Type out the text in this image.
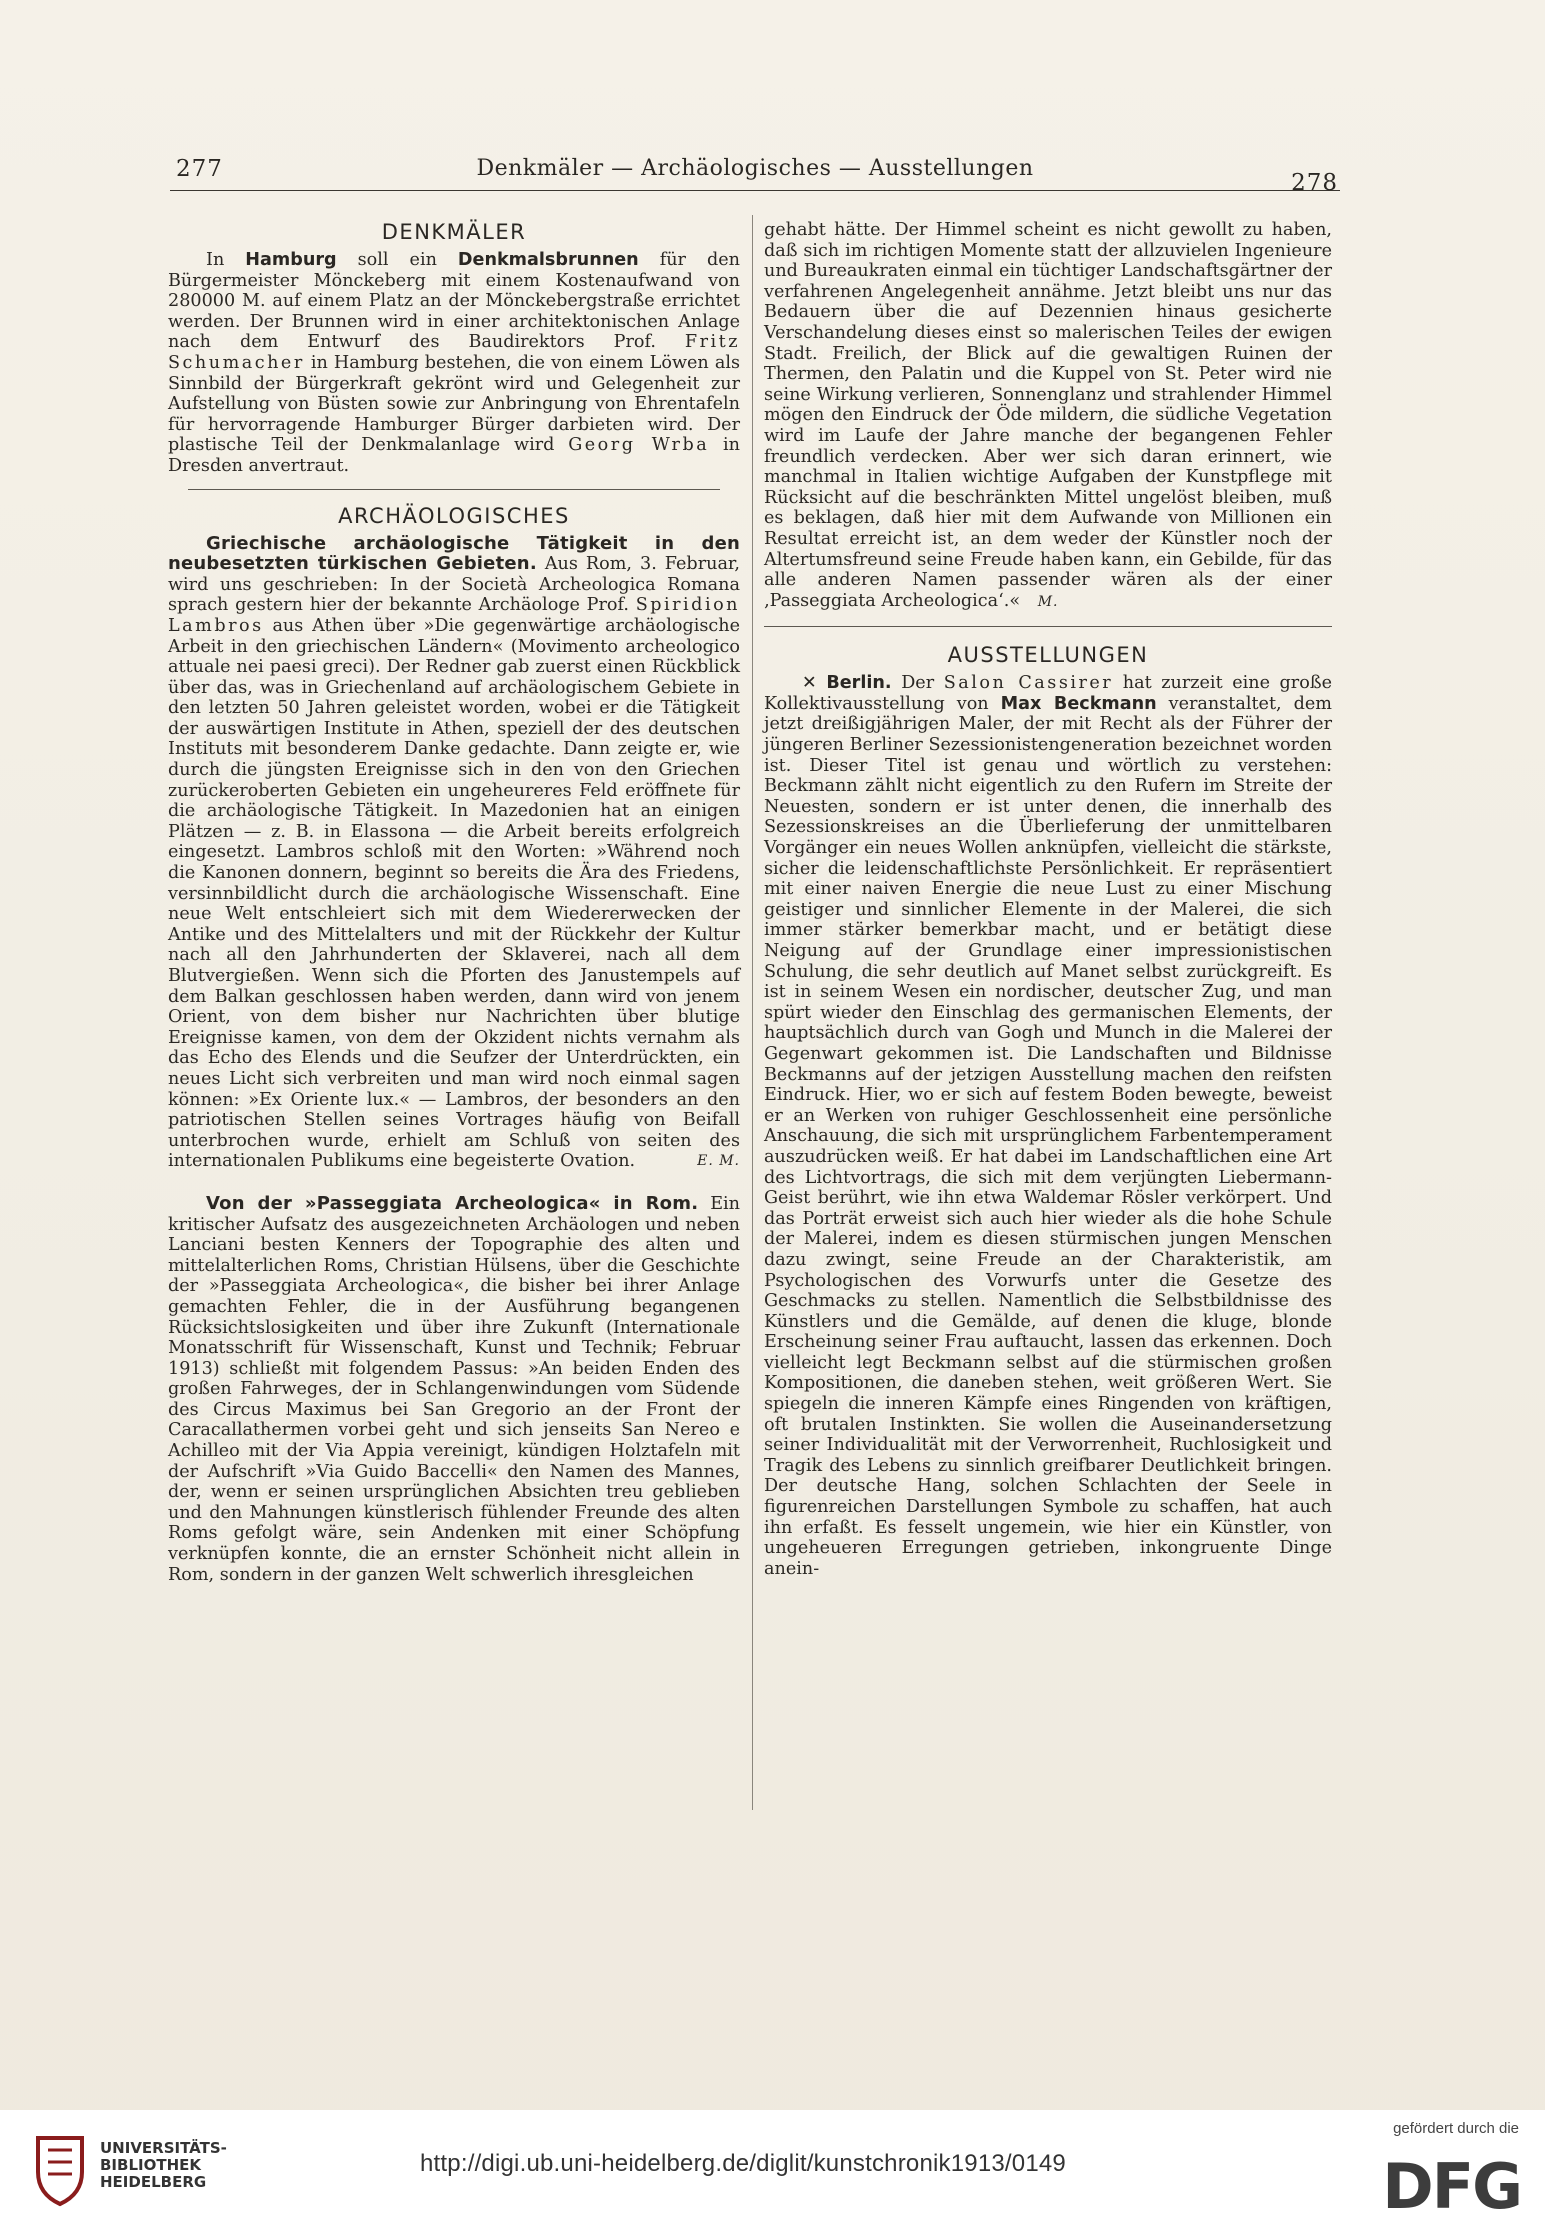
277	Denkmäler — Archäologisches — Ausstellungen
278
DENKMÄLER

In Hamburg soll ein Denkmalsbrunnen für den Bürgermeister Mönckeberg mit einem Kostenaufwand von 280000 M. auf einem Platz an der Mönckebergstraße errichtet werden. Der Brunnen wird in einer architektonischen Anlage nach dem Entwurf des Baudirektors Prof. Fritz Schumacher in Hamburg bestehen, die von einem Löwen als Sinnbild der Bürgerkraft gekrönt wird und Gelegenheit zur Aufstellung von Büsten sowie zur Anbringung von Ehrentafeln für hervorragende Hamburger Bürger darbieten wird. Der plastische Teil der Denkmalanlage wird Georg Wrba in Dresden anvertraut.

ARCHÄOLOGISCHES

Griechische archäologische Tätigkeit in den neubesetzten türkischen Gebieten. Aus Rom, 3. Februar, wird uns geschrieben: In der Società Archeologica Romana sprach gestern hier der bekannte Archäologe Prof. Spiridion Lambros aus Athen über »Die gegenwärtige archäologische Arbeit in den griechischen Ländern« (Movimento archeologico attuale nei paesi greci). Der Redner gab zuerst einen Rückblick über das, was in Griechenland auf archäologischem Gebiete in den letzten 50 Jahren geleistet worden, wobei er die Tätigkeit der auswärtigen Institute in Athen, speziell der des deutschen Instituts mit besonderem Danke gedachte. Dann zeigte er, wie durch die jüngsten Ereignisse sich in den von den Griechen zurückeroberten Gebieten ein ungeheureres Feld eröffnete für die archäologische Tätigkeit. In Mazedonien hat an einigen Plätzen — z. B. in Elassona — die Arbeit bereits erfolgreich eingesetzt. Lambros schloß mit den Worten: »Während noch die Kanonen donnern, beginnt so bereits die Ära des Friedens, versinnbildlicht durch die archäologische Wissenschaft. Eine neue Welt entschleiert sich mit dem Wiedererwecken der Antike und des Mittelalters und mit der Rückkehr der Kultur nach all den Jahrhunderten der Sklaverei, nach all dem Blutvergießen. Wenn sich die Pforten des Janustempels auf dem Balkan geschlossen haben werden, dann wird von jenem Orient, von dem bisher nur Nachrichten über blutige Ereignisse kamen, von dem der Okzident nichts vernahm als das Echo des Elends und die Seufzer der Unterdrückten, ein neues Licht sich verbreiten und man wird noch einmal sagen können: »Ex Oriente lux.« — Lambros, der besonders an den patriotischen Stellen seines Vortrages häufig von Beifall unterbrochen wurde, erhielt am Schluß von seiten des internationalen Publikums eine begeisterte Ovation.	E. M.

Von der »Passeggiata Archeologica« in Rom. Ein kritischer Aufsatz des ausgezeichneten Archäologen und neben Lanciani besten Kenners der Topographie des alten und mittelalterlichen Roms, Christian Hülsens, über die Geschichte der »Passeggiata Archeologica«, die bisher bei ihrer Anlage gemachten Fehler, die in der Ausführung begangenen Rücksichtslosigkeiten und über ihre Zukunft (Internationale Monatsschrift für Wissenschaft, Kunst und Technik; Februar 1913) schließt mit folgendem Passus: »An beiden Enden des großen Fahrweges, der in Schlangenwindungen vom Südende des Circus Maximus bei San Gregorio an der Front der Caracallathermen vorbei geht und sich jenseits San Nereo e Achilleo mit der Via Appia vereinigt, kündigen Holztafeln mit der Aufschrift »Via Guido Baccelli« den Namen des Mannes, der, wenn er seinen ursprünglichen Absichten treu geblieben und den Mahnungen künstlerisch fühlender Freunde des alten Roms gefolgt wäre, sein Andenken mit einer Schöpfung verknüpfen konnte, die an ernster Schönheit nicht allein in Rom, sondern in der ganzen Welt schwerlich ihresgleichen

gehabt hätte. Der Himmel scheint es nicht gewollt zu haben, daß sich im richtigen Momente statt der allzuvielen Ingenieure und Bureaukraten einmal ein tüchtiger Landschaftsgärtner der verfahrenen Angelegenheit annähme. Jetzt bleibt uns nur das Bedauern über die auf Dezennien hinaus gesicherte Verschandelung dieses einst so malerischen Teiles der ewigen Stadt. Freilich, der Blick auf die gewaltigen Ruinen der Thermen, den Palatin und die Kuppel von St. Peter wird nie seine Wirkung verlieren, Sonnenglanz und strahlender Himmel mögen den Eindruck der Öde mildern, die südliche Vegetation wird im Laufe der Jahre manche der begangenen Fehler freundlich verdecken. Aber wer sich daran erinnert, wie manchmal in Italien wichtige Aufgaben der Kunstpflege mit Rücksicht auf die beschränkten Mittel ungelöst bleiben, muß es beklagen, daß hier mit dem Aufwande von Millionen ein Resultat erreicht ist, an dem weder der Künstler noch der Altertumsfreund seine Freude haben kann, ein Gebilde, für das alle anderen Namen passender wären als der einer ‚Passeggiata Archeologica‘.« M.

AUSSTELLUNGEN

✕ Berlin. Der Salon Cassirer hat zurzeit eine große Kollektivausstellung von Max Beckmann veranstaltet, dem jetzt dreißigjährigen Maler, der mit Recht als der Führer der jüngeren Berliner Sezessionistengeneration bezeichnet worden ist. Dieser Titel ist genau und wörtlich zu verstehen: Beckmann zählt nicht eigentlich zu den Rufern im Streite der Neuesten, sondern er ist unter denen, die innerhalb des Sezessionskreises an die Überlieferung der unmittelbaren Vorgänger ein neues Wollen anknüpfen, vielleicht die stärkste, sicher die leidenschaftlichste Persönlichkeit. Er repräsentiert mit einer naiven Energie die neue Lust zu einer Mischung geistiger und sinnlicher Elemente in der Malerei, die sich immer stärker bemerkbar macht, und er betätigt diese Neigung auf der Grundlage einer impressionistischen Schulung, die sehr deutlich auf Manet selbst zurückgreift. Es ist in seinem Wesen ein nordischer, deutscher Zug, und man spürt wieder den Einschlag des germanischen Elements, der hauptsächlich durch van Gogh und Munch in die Malerei der Gegenwart gekommen ist. Die Landschaften und Bildnisse Beckmanns auf der jetzigen Ausstellung machen den reifsten Eindruck. Hier, wo er sich auf festem Boden bewegte, beweist er an Werken von ruhiger Geschlossenheit eine persönliche Anschauung, die sich mit ursprünglichem Farbentemperament auszudrücken weiß. Er hat dabei im Landschaftlichen eine Art des Lichtvortrags, die sich mit dem verjüngten Liebermann-Geist berührt, wie ihn etwa Waldemar Rösler verkörpert. Und das Porträt erweist sich auch hier wieder als die hohe Schule der Malerei, indem es diesen stürmischen jungen Menschen dazu zwingt, seine Freude an der Charakteristik, am Psychologischen des Vorwurfs unter die Gesetze des Geschmacks zu stellen. Namentlich die Selbstbildnisse des Künstlers und die Gemälde, auf denen die kluge, blonde Erscheinung seiner Frau auftaucht, lassen das erkennen. Doch vielleicht legt Beckmann selbst auf die stürmischen großen Kompositionen, die daneben stehen, weit größeren Wert. Sie spiegeln die inneren Kämpfe eines Ringenden von kräftigen, oft brutalen Instinkten. Sie wollen die Auseinandersetzung seiner Individualität mit der Verworrenheit, Ruchlosigkeit und Tragik des Lebens zu sinnlich greifbarer Deutlichkeit bringen. Der deutsche Hang, solchen Schlachten der Seele in figurenreichen Darstellungen Symbole zu schaffen, hat auch ihn erfaßt. Es fesselt ungemein, wie hier ein Künstler, von ungeheueren Erregungen getrieben, inkongruente Dinge anein-

UNIVERSITÄTS-
BIBLIOTHEK
HEIDELBERG
http://digi.ub.uni-heidelberg.de/diglit/kunstchronik1913/0149
gefördert durch die
DFG
